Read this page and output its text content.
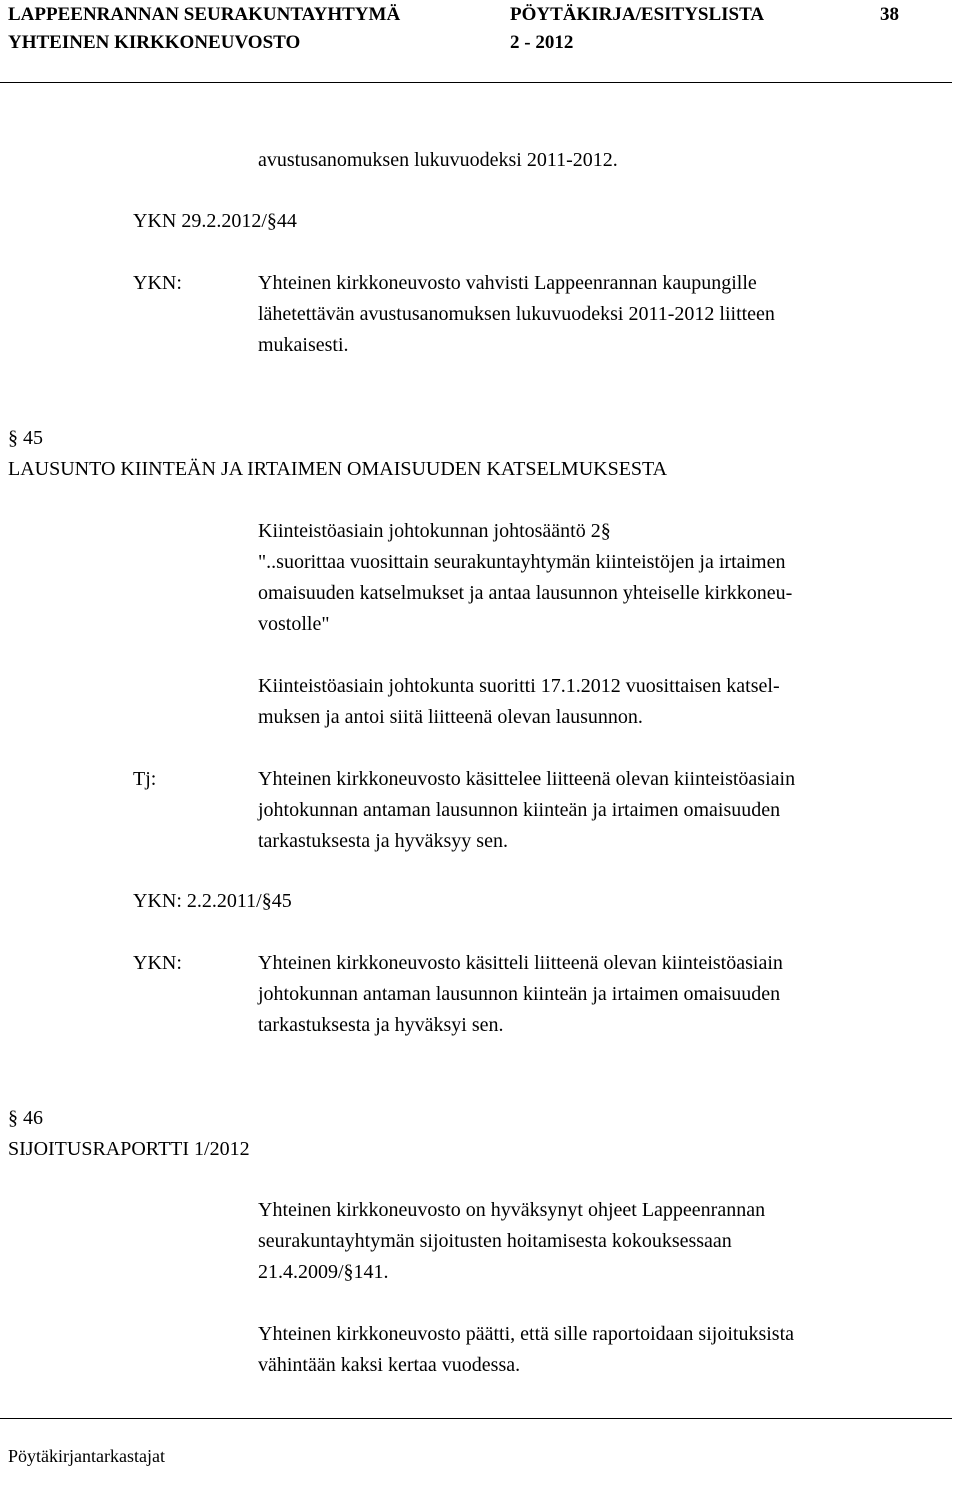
LAPPEENRANNAN SEURAKUNTAYHTYMÄ	PÖYTÄKIRJA/ESITYSLISTA	38
YHTEINEN KIRKKONEUVOSTO	2 - 2012
avustusanomuksen lukuvuodeksi 2011-2012.
YKN 29.2.2012/§44
YKN:	Yhteinen kirkkoneuvosto vahvisti Lappeenrannan kaupungille
lähetettävän avustusanomuksen lukuvuodeksi 2011-2012 liitteen
mukaisesti.
§ 45
LAUSUNTO KIINTEÄN JA IRTAIMEN OMAISUUDEN KATSELMUKSESTA
Kiinteistöasiain johtokunnan johtosääntö 2§
"..suorittaa vuosittain seurakuntayhtymän kiinteistöjen ja irtaimen
omaisuuden katselmukset ja antaa lausunnon yhteiselle kirkkoneu-
vostolle"
Kiinteistöasiain johtokunta suoritti 17.1.2012 vuosittaisen katsel-
muksen ja antoi siitä liitteenä olevan lausunnon.
Tj:	Yhteinen kirkkoneuvosto käsittelee liitteenä olevan kiinteistöasiain
johtokunnan antaman lausunnon kiinteän ja irtaimen omaisuuden
tarkastuksesta ja hyväksyy sen.
YKN: 2.2.2011/§45
YKN:	Yhteinen kirkkoneuvosto käsitteli liitteenä olevan kiinteistöasiain
johtokunnan antaman lausunnon kiinteän ja irtaimen omaisuuden
tarkastuksesta ja hyväksyi sen.
§ 46
SIJOITUSRAPORTTI 1/2012
Yhteinen kirkkoneuvosto on hyväksynyt ohjeet Lappeenrannan
seurakuntayhtymän sijoitusten hoitamisesta kokouksessaan
21.4.2009/§141.
Yhteinen kirkkoneuvosto päätti, että sille raportoidaan sijoituksista
vähintään kaksi kertaa vuodessa.
Pöytäkirjantarkastajat
